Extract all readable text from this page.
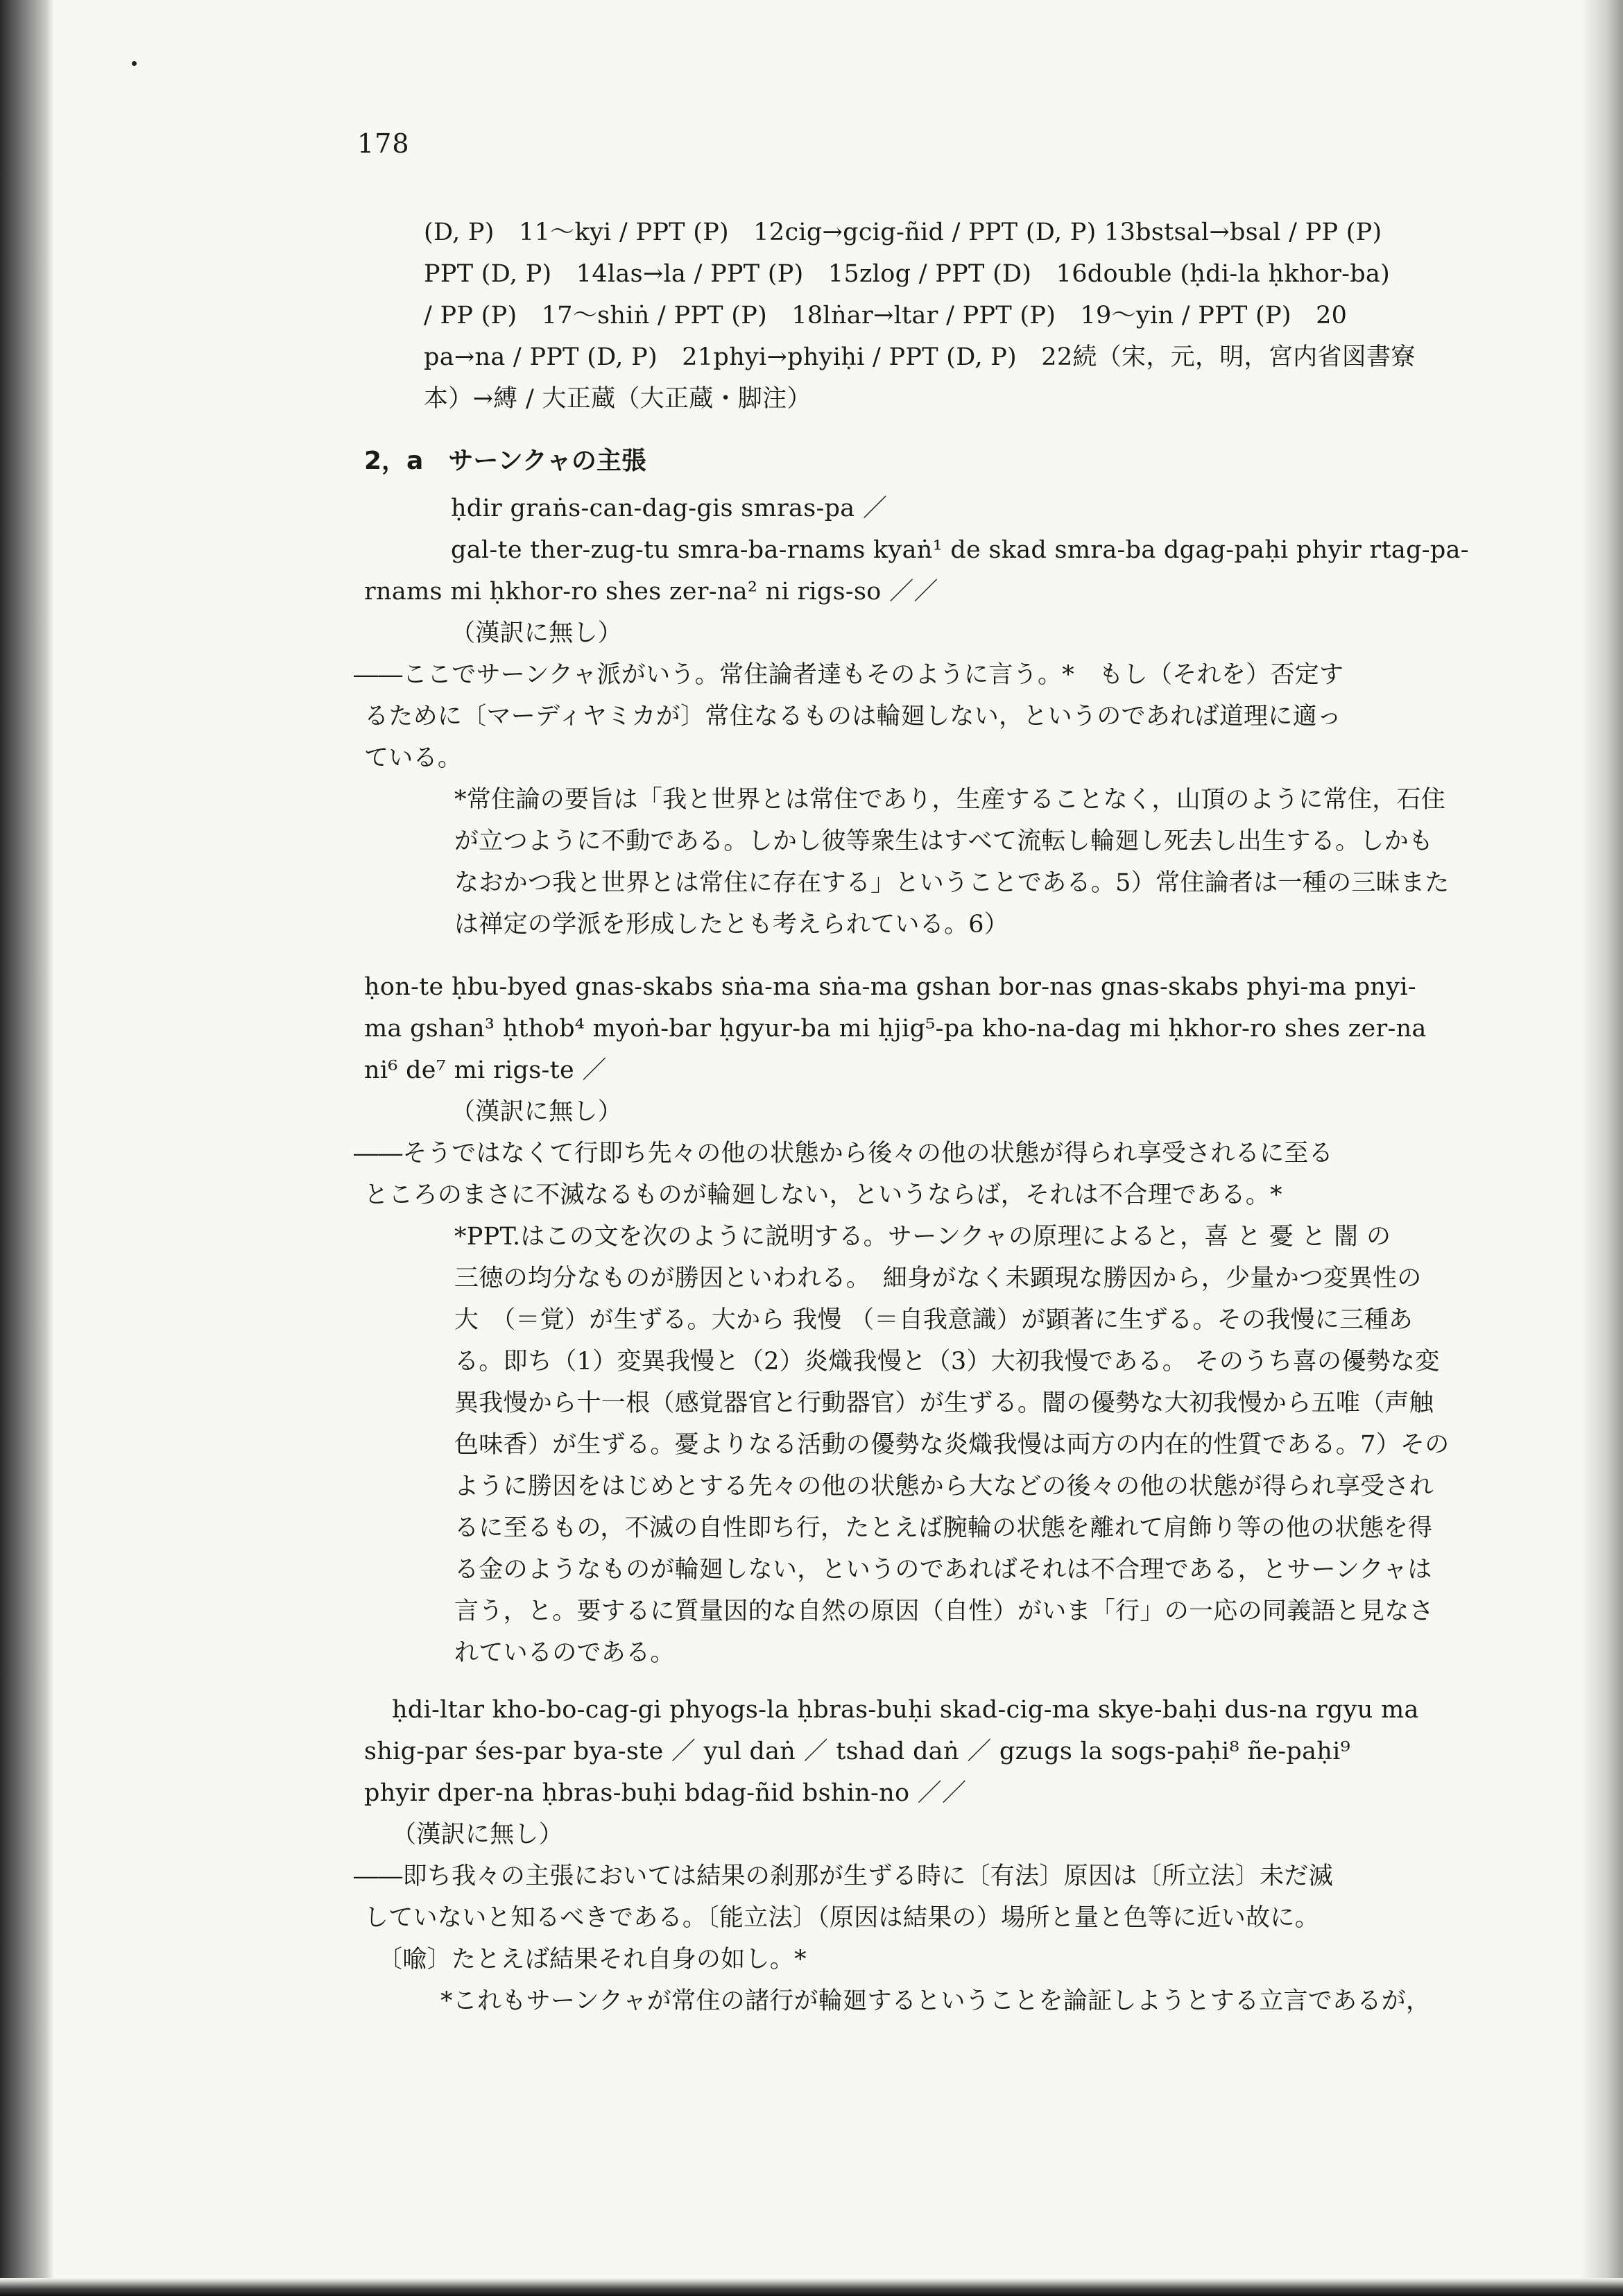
178
(D, P)　11～kyi / PPT (P)　12cig→gcig-ñid / PPT (D, P) 13bstsal→bsal / PP (P)
PPT (D, P)　14las→la / PPT (P)　15zlog / PPT (D)　16double (ḥdi-la ḥkhor-ba)
/ PP (P)　17～shiṅ / PPT (P)　18lṅar→ltar / PPT (P)　19～yin / PPT (P)　20
pa→na / PPT (D, P)　21phyi→phyiḥi / PPT (D, P)　22続（宋，元，明，宮内省図書寮
本）→縛 / 大正蔵（大正蔵・脚注）
2，a　サーンクャの主張
ḥdir graṅs-can-dag-gis smras-pa ／
gal-te ther-zug-tu smra-ba-rnams kyaṅ¹ de skad smra-ba dgag-paḥi phyir rtag-pa-
rnams mi ḥkhor-ro shes zer-na² ni rigs-so ／／
（漢訳に無し）
――ここでサーンクャ派がいう。常住論者達もそのように言う。*　もし（それを）否定す
るために〔マーディヤミカが〕常住なるものは輪廻しない，というのであれば道理に適っ
ている。
*常住論の要旨は「我と世界とは常住であり，生産することなく，山頂のように常住，石住
が立つように不動である。しかし彼等衆生はすべて流転し輪廻し死去し出生する。しかも
なおかつ我と世界とは常住に存在する」ということである。5）常住論者は一種の三昧また
は禅定の学派を形成したとも考えられている。6）
ḥon-te ḥbu-byed gnas-skabs sṅa-ma sṅa-ma gshan bor-nas gnas-skabs phyi-ma pnyi-
ma gshan³ ḥthob⁴ myoṅ-bar ḥgyur-ba mi ḥjig⁵-pa kho-na-dag mi ḥkhor-ro shes zer-na
ni⁶ de⁷ mi rigs-te ／
（漢訳に無し）
――そうではなくて行即ち先々の他の状態から後々の他の状態が得られ享受されるに至る
ところのまさに不滅なるものが輪廻しない，というならば，それは不合理である。*
*PPT.はこの文を次のように説明する。サーンクャの原理によると，喜 と 憂 と 闇 の
三徳の均分なものが勝因といわれる。　細身がなく未顕現な勝因から，少量かつ変異性の
大　（＝覚）が生ずる。大から 我慢 （＝自我意識）が顕著に生ずる。その我慢に三種あ
る。即ち（1）変異我慢と（2）炎熾我慢と（3）大初我慢である。 そのうち喜の優勢な変
異我慢から十一根（感覚器官と行動器官）が生ずる。闇の優勢な大初我慢から五唯（声触
色味香）が生ずる。憂よりなる活動の優勢な炎熾我慢は両方の内在的性質である。7）その
ように勝因をはじめとする先々の他の状態から大などの後々の他の状態が得られ享受され
るに至るもの，不滅の自性即ち行，たとえば腕輪の状態を離れて肩飾り等の他の状態を得
る金のようなものが輪廻しない，というのであればそれは不合理である，とサーンクャは
言う，と。要するに質量因的な自然の原因（自性）がいま「行」の一応の同義語と見なさ
れているのである。
ḥdi-ltar kho-bo-cag-gi phyogs-la ḥbras-buḥi skad-cig-ma skye-baḥi dus-na rgyu ma
shig-par śes-par bya-ste ／ yul daṅ ／ tshad daṅ ／ gzugs la sogs-paḥi⁸ ñe-paḥi⁹
phyir dper-na ḥbras-buḥi bdag-ñid bshin-no ／／
（漢訳に無し）
――即ち我々の主張においては結果の刹那が生ずる時に〔有法〕原因は〔所立法〕未だ滅
していないと知るべきである。〔能立法〕（原因は結果の）場所と量と色等に近い故に。
〔喩〕たとえば結果それ自身の如し。*
*これもサーンクャが常住の諸行が輪廻するということを論証しようとする立言であるが，
